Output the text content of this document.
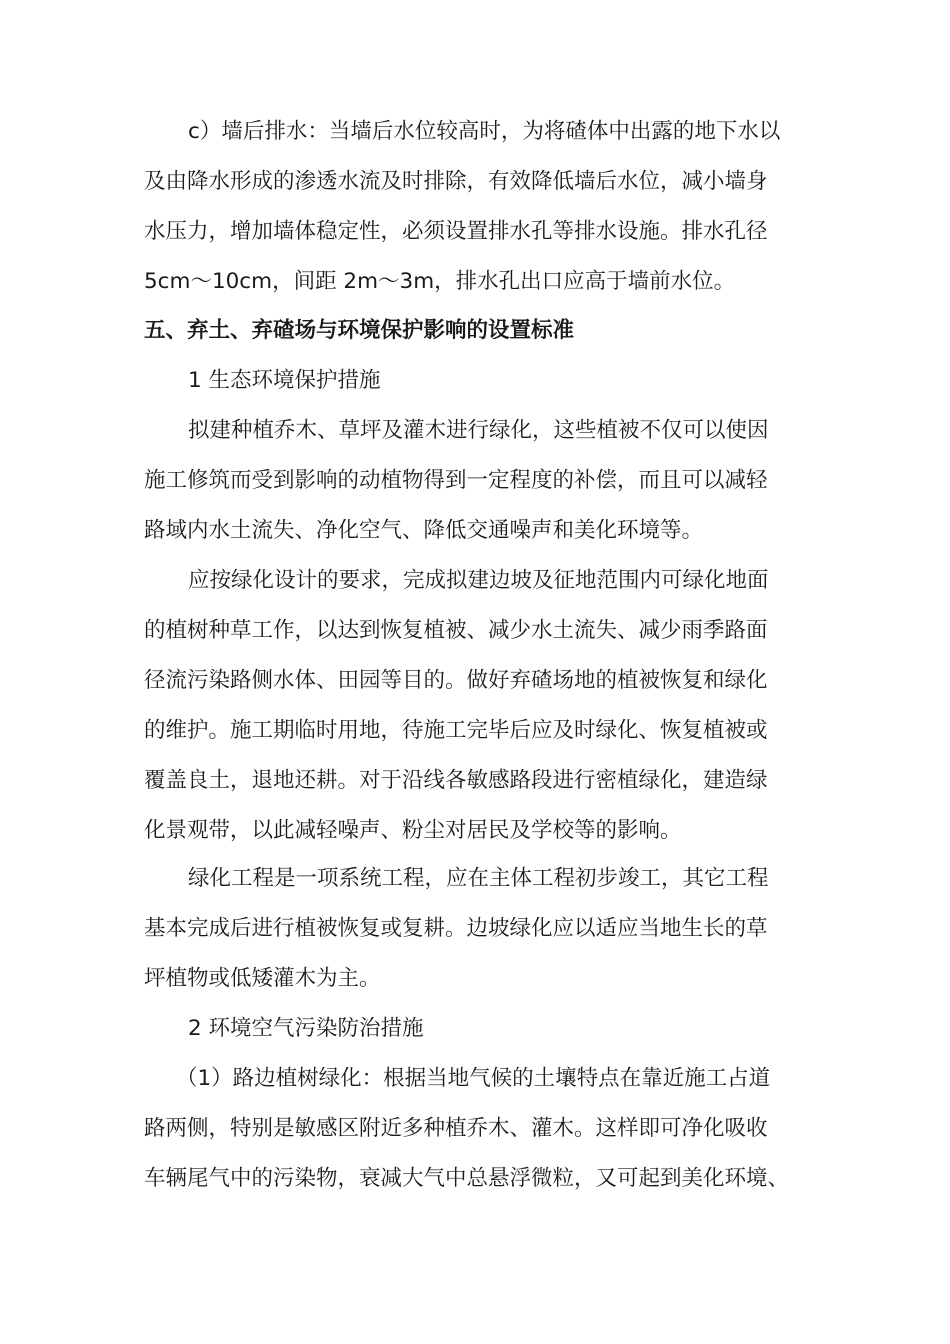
c）墙后排水：当墙后水位较高时，为将碴体中出露的地下水以
及由降水形成的渗透水流及时排除，有效降低墙后水位，减小墙身
水压力，增加墙体稳定性，必须设置排水孔等排水设施。排水孔径
5cm～10cm，间距 2m～3m，排水孔出口应高于墙前水位。
五、弃土、弃碴场与环境保护影响的设置标准
1 生态环境保护措施
拟建种植乔木、草坪及灌木进行绿化，这些植被不仅可以使因
施工修筑而受到影响的动植物得到一定程度的补偿，而且可以减轻
路域内水土流失、净化空气、降低交通噪声和美化环境等。
应按绿化设计的要求，完成拟建边坡及征地范围内可绿化地面
的植树种草工作，以达到恢复植被、减少水土流失、减少雨季路面
径流污染路侧水体、田园等目的。做好弃碴场地的植被恢复和绿化
的维护。施工期临时用地，待施工完毕后应及时绿化、恢复植被或
覆盖良土，退地还耕。对于沿线各敏感路段进行密植绿化，建造绿
化景观带，以此减轻噪声、粉尘对居民及学校等的影响。
绿化工程是一项系统工程，应在主体工程初步竣工，其它工程
基本完成后进行植被恢复或复耕。边坡绿化应以适应当地生长的草
坪植物或低矮灌木为主。
2 环境空气污染防治措施
（1）路边植树绿化：根据当地气候的土壤特点在靠近施工占道
路两侧，特别是敏感区附近多种植乔木、灌木。这样即可净化吸收
车辆尾气中的污染物，衰减大气中总悬浮微粒，又可起到美化环境、
